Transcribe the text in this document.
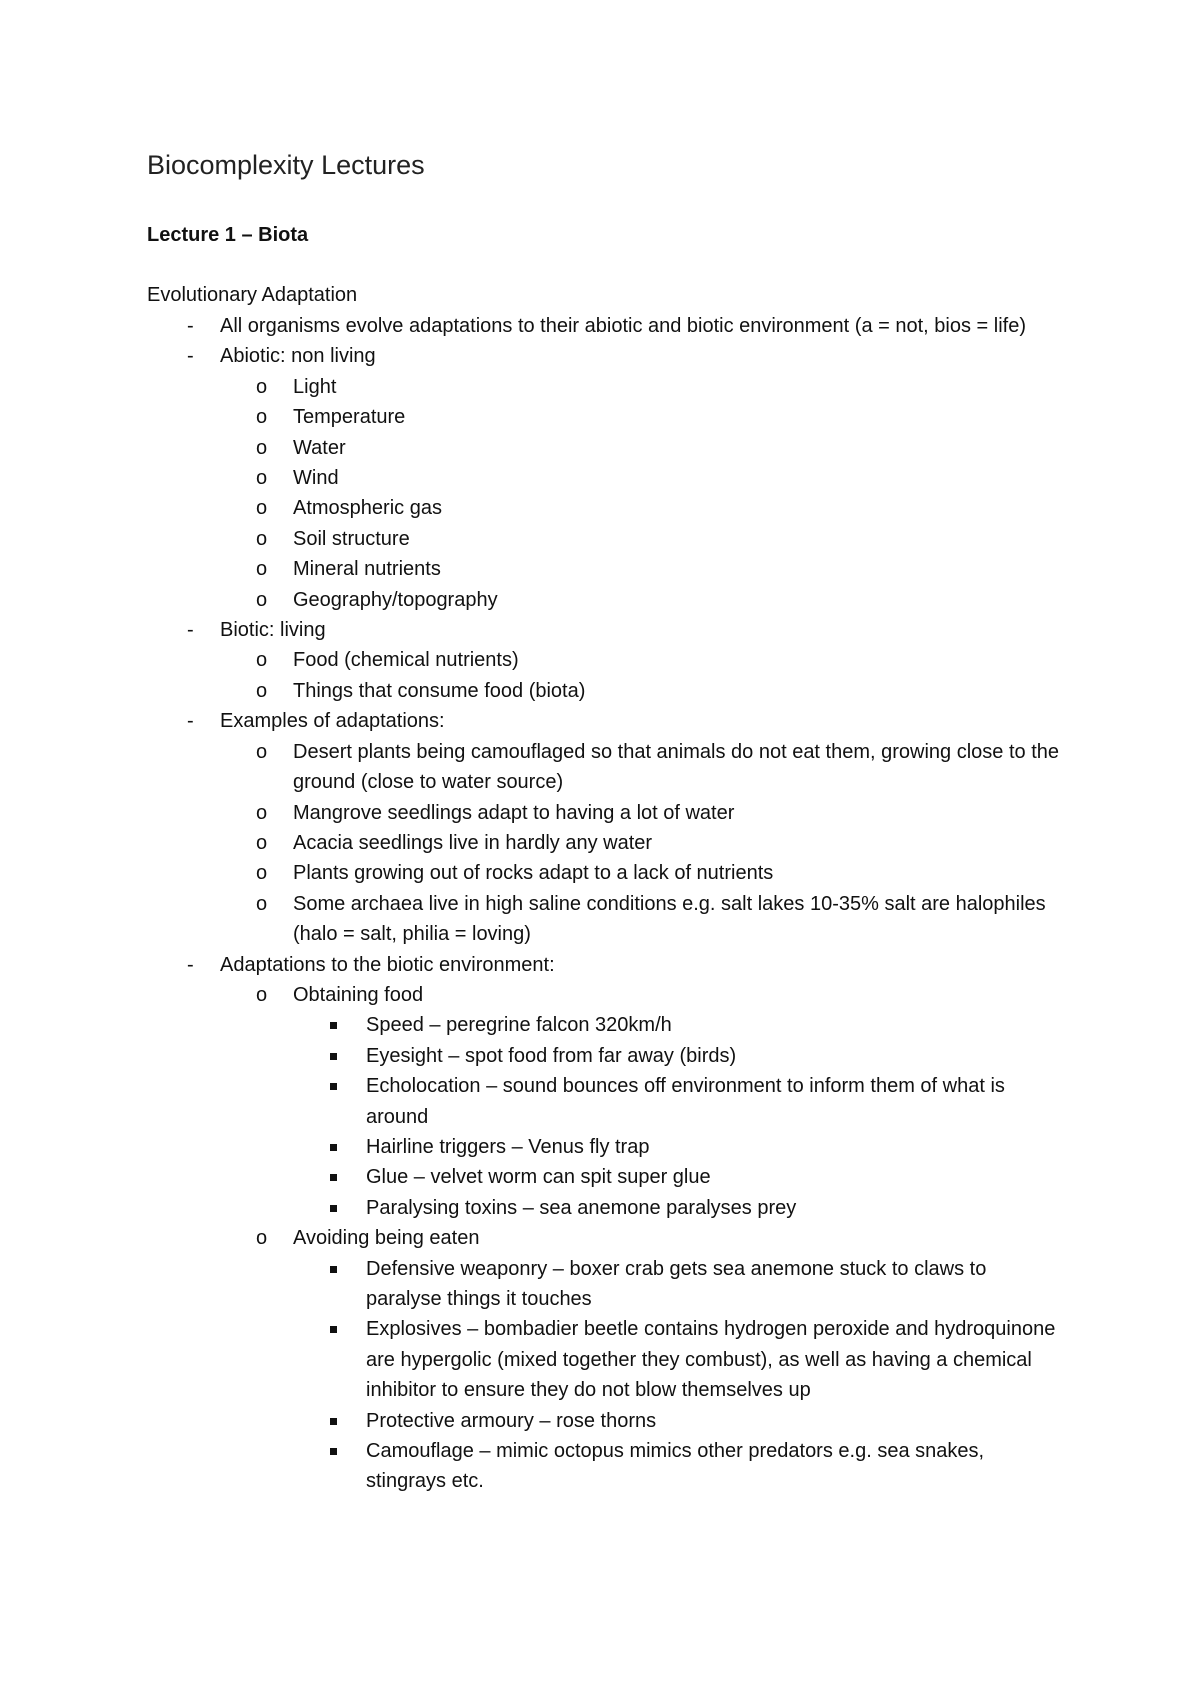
Biocomplexity Lectures
Lecture 1 – Biota
Evolutionary Adaptation
- All organisms evolve adaptations to their abiotic and biotic environment (a = not, bios = life)
- Abiotic: non living
o Light
o Temperature
o Water
o Wind
o Atmospheric gas
o Soil structure
o Mineral nutrients
o Geography/topography
- Biotic: living
o Food (chemical nutrients)
o Things that consume food (biota)
- Examples of adaptations:
o Desert plants being camouflaged so that animals do not eat them, growing close to the ground (close to water source)
o Mangrove seedlings adapt to having a lot of water
o Acacia seedlings live in hardly any water
o Plants growing out of rocks adapt to a lack of nutrients
o Some archaea live in high saline conditions e.g. salt lakes 10-35% salt are halophiles (halo = salt, philia = loving)
- Adaptations to the biotic environment:
o Obtaining food
Speed – peregrine falcon 320km/h
Eyesight – spot food from far away (birds)
Echolocation – sound bounces off environment to inform them of what is around
Hairline triggers – Venus fly trap
Glue – velvet worm can spit super glue
Paralysing toxins – sea anemone paralyses prey
o Avoiding being eaten
Defensive weaponry – boxer crab gets sea anemone stuck to claws to paralyse things it touches
Explosives – bombadier beetle contains hydrogen peroxide and hydroquinone are hypergolic (mixed together they combust), as well as having a chemical inhibitor to ensure they do not blow themselves up
Protective armoury – rose thorns
Camouflage – mimic octopus mimics other predators e.g. sea snakes, stingrays etc.
